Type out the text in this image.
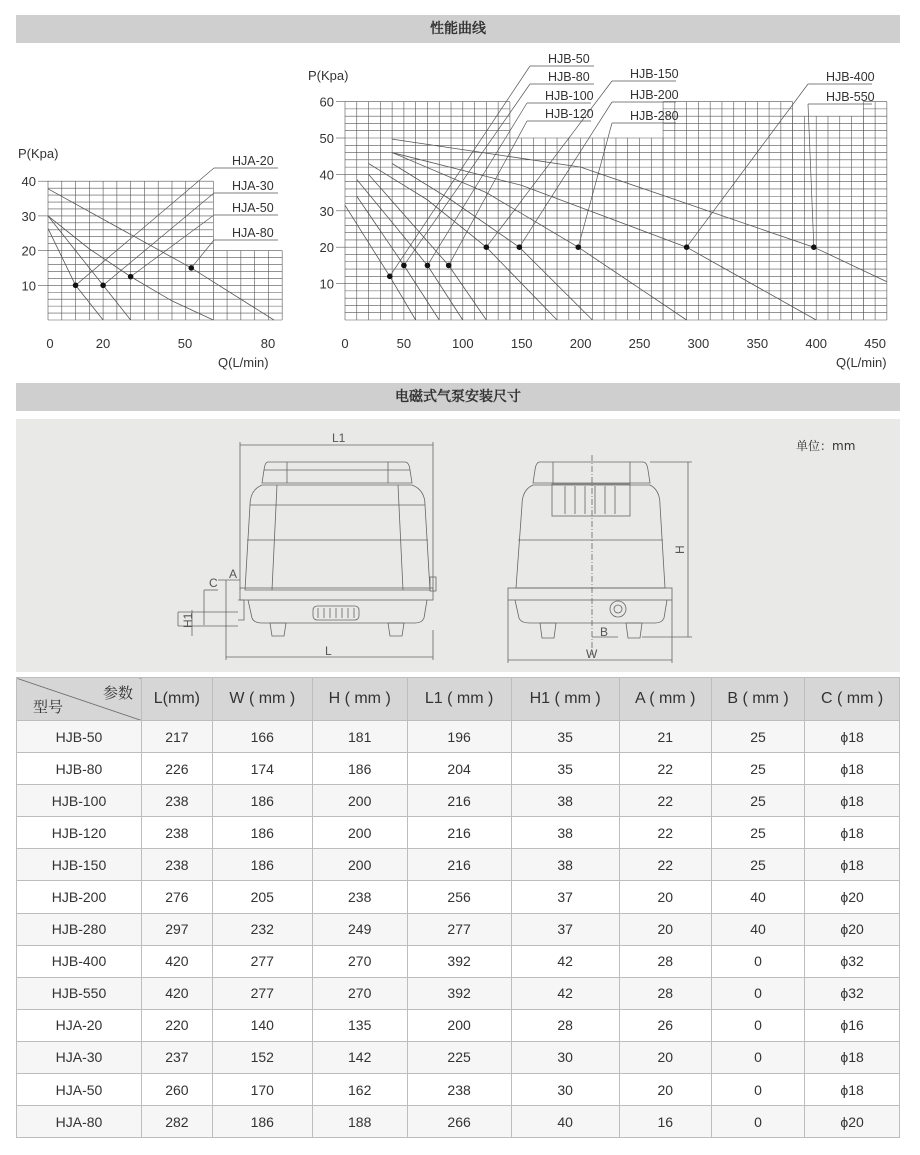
性能曲线
10
20
30
40
0	20	50	80
P(Kpa)
Q(L/min)
HJA-20
HJA-30
HJA-50
HJA-80
10
20
30
40
50
60
0	50	100	150	200	250	300	350	400	450
P(Kpa)
Q(L/min)
HJB-50
HJB-80
HJB-100
HJB-120
HJB-150
HJB-200
HJB-280
HJB-400
HJB-550
电磁式气泵安装尺寸
单位：mm
L1
L
A
C
H1
W
B
H
参数
型号	L(mm)	W ( mm )	H ( mm )	L1 ( mm )	H1 ( mm )	A ( mm )	B ( mm )	C ( mm )
HJB-50	217	166	181	196	35	21	25	ϕ18
HJB-80	226	174	186	204	35	22	25	ϕ18
HJB-100	238	186	200	216	38	22	25	ϕ18
HJB-120	238	186	200	216	38	22	25	ϕ18
HJB-150	238	186	200	216	38	22	25	ϕ18
HJB-200	276	205	238	256	37	20	40	ϕ20
HJB-280	297	232	249	277	37	20	40	ϕ20
HJB-400	420	277	270	392	42	28	0	ϕ32
HJB-550	420	277	270	392	42	28	0	ϕ32
HJA-20	220	140	135	200	28	26	0	ϕ16
HJA-30	237	152	142	225	30	20	0	ϕ18
HJA-50	260	170	162	238	30	20	0	ϕ18
HJA-80	282	186	188	266	40	16	0	ϕ20
